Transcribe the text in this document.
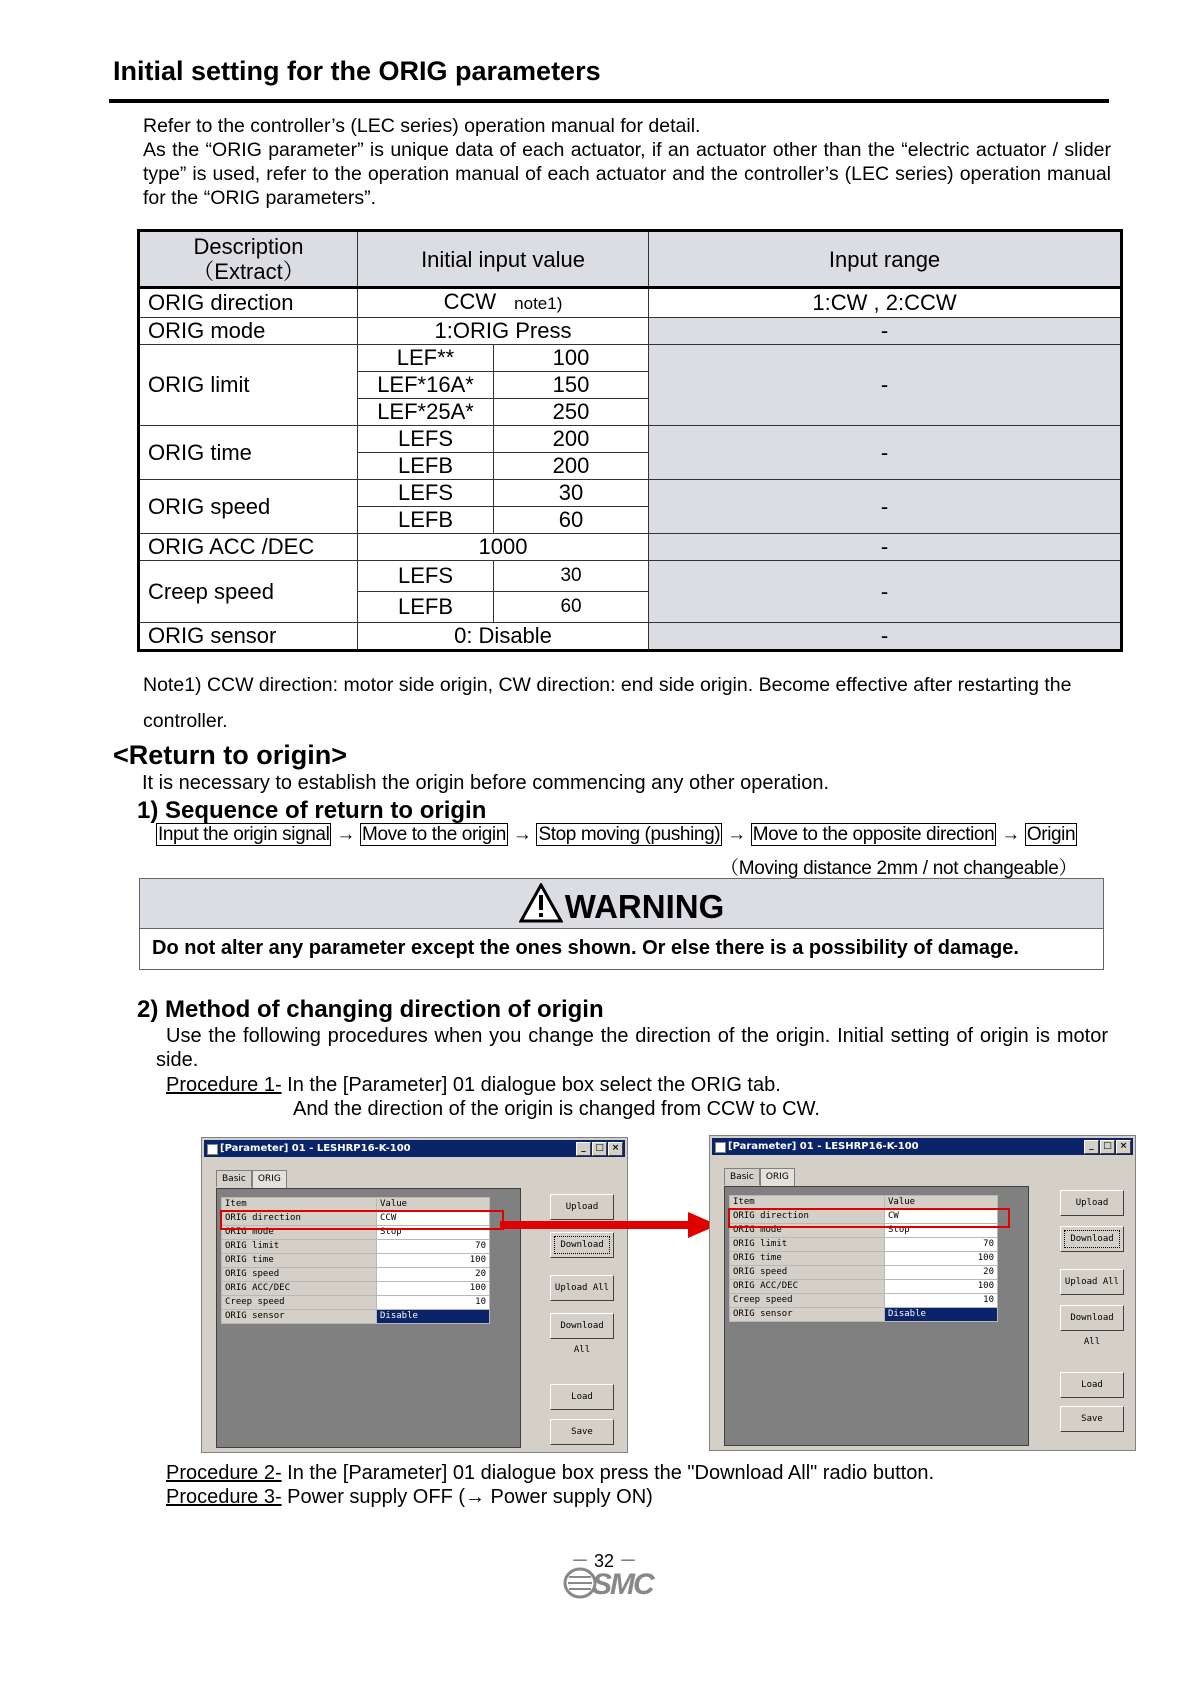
Initial setting for the ORIG parameters
Refer to the controller’s (LEC series) operation manual for detail.
As the “ORIG parameter” is unique data of each actuator, if an actuator other than the “electric actuator / slider type” is used, refer to the operation manual of each actuator and the controller’s (LEC series) operation manual for the “ORIG parameters”.
Description
（Extract）	Initial input value		Input range
ORIG direction	CCW note1)		1:CW , 2:CCW
ORIG mode	1:ORIG Press		-
ORIG limit	LEF**	100	-
	LEF*16A*	150	
	LEF*25A*	250	
ORIG time	LEFS	200	-
	LEFB	200	
ORIG speed	LEFS	30	-
	LEFB	60	
ORIG ACC /DEC	1000		-
Creep speed	LEFS	30	-
	LEFB	60	
ORIG sensor	0: Disable		-
Note1) CCW direction: motor side origin, CW direction: end side origin. Become effective after restarting the controller.
<Return to origin>
It is necessary to establish the origin before commencing any other operation.
1) Sequence of return to origin
Input the origin signal → Move to the origin → Stop moving (pushing) → Move to the opposite direction → Origin
（Moving distance 2mm / not changeable）
WARNING
Do not alter any parameter except the ones shown. Or else there is a possibility of damage.
2) Method of changing direction of origin
Use the following procedures when you change the direction of the origin. Initial setting of origin is motor side.
Procedure 1- In the [Parameter] 01 dialogue box select the ORIG tab.
And the direction of the origin is changed from CCW to CW.
[Parameter] 01 - LESHRP16-K-100	_ □ ×
Basic ORIG
Item	Value
ORIG direction	CCW
ORIG mode	Stop
ORIG limit	70
ORIG time	100
ORIG speed	20
ORIG ACC/DEC	100
Creep speed	10
ORIG sensor	Disable
Upload
Download
Upload All
Download All
Load
Save
[Parameter] 01 - LESHRP16-K-100	_ □ ×
Basic ORIG
Item	Value
ORIG direction	CW
ORIG mode	Stop
ORIG limit	70
ORIG time	100
ORIG speed	20
ORIG ACC/DEC	100
Creep speed	10
ORIG sensor	Disable
Upload
Download
Upload All
Download All
Load
Save
Procedure 2- In the [Parameter] 01 dialogue box press the "Download All" radio button.
Procedure 3- Power supply OFF (→ Power supply ON)
－ 32 －
SMC
